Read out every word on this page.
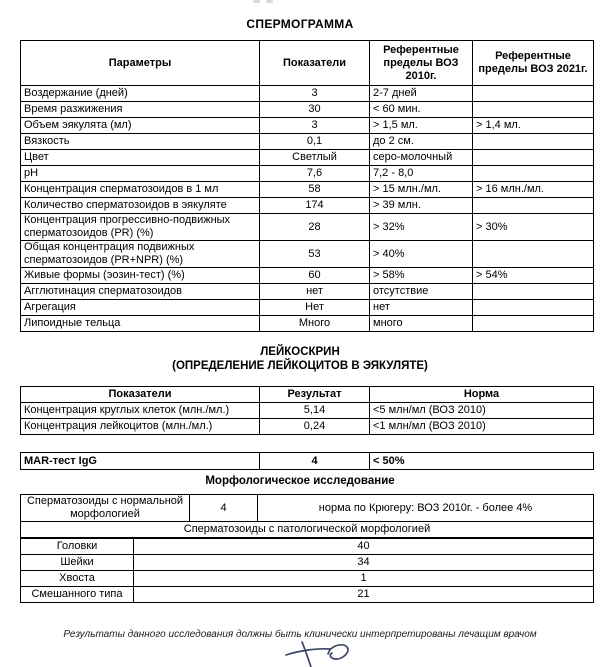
СПЕРМОГРАММА
Параметры	Показатели	Референтные пределы ВОЗ 2010г.	Референтные пределы ВОЗ 2021г.
Воздержание (дней)	3	2-7 дней	
Время разжижения	30	< 60 мин.	
Объем эякулята (мл)	3	> 1,5 мл.	> 1,4 мл.
Вязкость	0,1	до 2 см.	
Цвет	Светлый	серо-молочный	
pH	7,6	7,2 - 8,0	
Концентрация сперматозоидов в 1 мл	58	> 15 млн./мл.	> 16 млн./мл.
Количество сперматозоидов в эякуляте	174	> 39 млн.	
Концентрация прогрессивно-подвижных сперматозоидов (PR) (%)	28	> 32%	> 30%
Общая концентрация подвижных сперматозоидов (PR+NPR) (%)	53	> 40%	
Живые формы (эозин-тест) (%)	60	> 58%	> 54%
Агглютинация сперматозоидов	нет	отсутствие	
Агрегация	Нет	нет	
Липоидные тельца	Много	много	
ЛЕЙКОСКРИН
(ОПРЕДЕЛЕНИЕ ЛЕЙКОЦИТОВ В ЭЯКУЛЯТЕ)
Показатели	Результат	Норма
Концентрация круглых клеток (млн./мл.)	5,14	<5 млн/мл (ВОЗ 2010)
Концентрация лейкоцитов (млн./мл.)	0,24	<1 млн/мл (ВОЗ 2010)
MAR-тест IgG	4	< 50%
Морфологическое исследование
Сперматозоиды с нормальной морфологией	4	норма по Крюгеру: ВОЗ 2010г. - более 4%
Сперматозоиды с патологической морфологией
Головки	40
Шейки	34
Хвоста	1
Смешанного типа	21
Результаты данного исследования должны быть клинически интерпретированы лечащим врачом
